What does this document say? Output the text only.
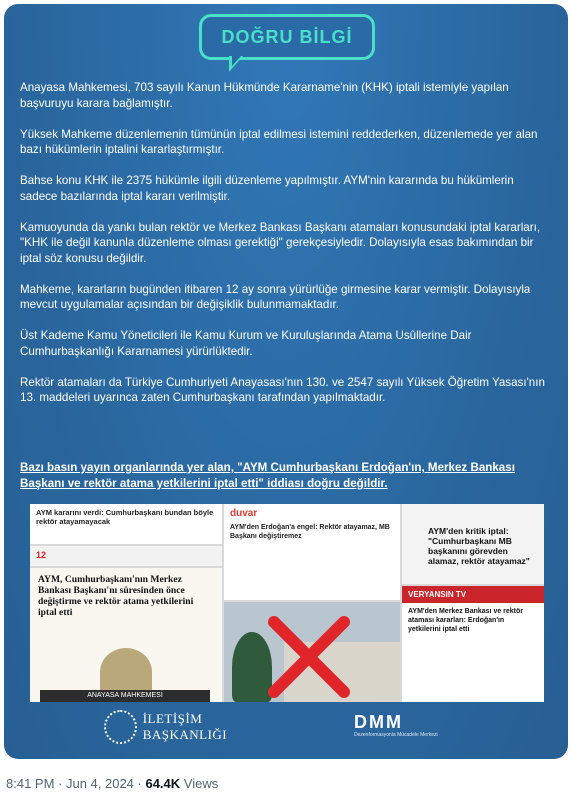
DOĞRU BİLGİ

Anayasa Mahkemesi, 703 sayılı Kanun Hükmünde Kararname'nin (KHK) iptali istemiyle yapılan başvuruyu karara bağlamıştır.

Yüksek Mahkeme düzenlemenin tümünün iptal edilmesi istemini reddederken, düzenlemede yer alan bazı hükümlerin iptalini kararlaştırmıştır.

Bahse konu KHK ile 2375 hükümle ilgili düzenleme yapılmıştır. AYM'nin kararında bu hükümlerin sadece bazılarında iptal kararı verilmiştir.

Kamuoyunda da yankı bulan rektör ve Merkez Bankası Başkanı atamaları konusundaki iptal kararları, "KHK ile değil kanunla düzenleme olması gerektiği" gerekçesiyledir. Dolayısıyla esas bakımından bir iptal söz konusu değildir.

Mahkeme, kararların bugünden itibaren 12 ay sonra yürürlüğe girmesine karar vermiştir. Dolayısıyla mevcut uygulamalar açısından bir değişiklik bulunmamaktadır.

Üst Kademe Kamu Yöneticileri ile Kamu Kurum ve Kuruluşlarında Atama Usûllerine Dair Cumhurbaşkanlığı Kararnamesi yürürlüktedir.

Rektör atamaları da Türkiye Cumhuriyeti Anayasası'nın 130. ve 2547 sayılı Yüksek Öğretim Yasası'nın 13. maddeleri uyarınca zaten Cumhurbaşkanı tarafından yapılmaktadır.

Bazı basın yayın organlarında yer alan, "AYM Cumhurbaşkanı Erdoğan'ın, Merkez Bankası Başkanı ve rektör atama yetkilerini iptal etti" iddiası doğru değildir.
AYM kararını verdi: Cumhurbaşkanı bundan böyle rektör atayamayacak
12
AYM, Cumhurbaşkanı'nın Merkez Bankası Başkanı'nı süresinden önce değiştirme ve rektör atama yetkilerini iptal etti
ANAYASA MAHKEMESİ
duvar
AYM'den Erdoğan'a engel: Rektör atayamaz, MB Başkanı değiştiremez
AYM'den kritik iptal: "Cumhurbaşkanı MB başkanını görevden alamaz, rektör atayamaz"
VERYANSIN TV
AYM'den Merkez Bankası ve rektör ataması kararları: Erdoğan'ın yetkilerini iptal etti
İLETİŞİM BAŞKANLIĞI
DMM
Dezenformasyonla Mücadele Merkezi
8:41 PM · Jun 4, 2024 · 64.4K Views
